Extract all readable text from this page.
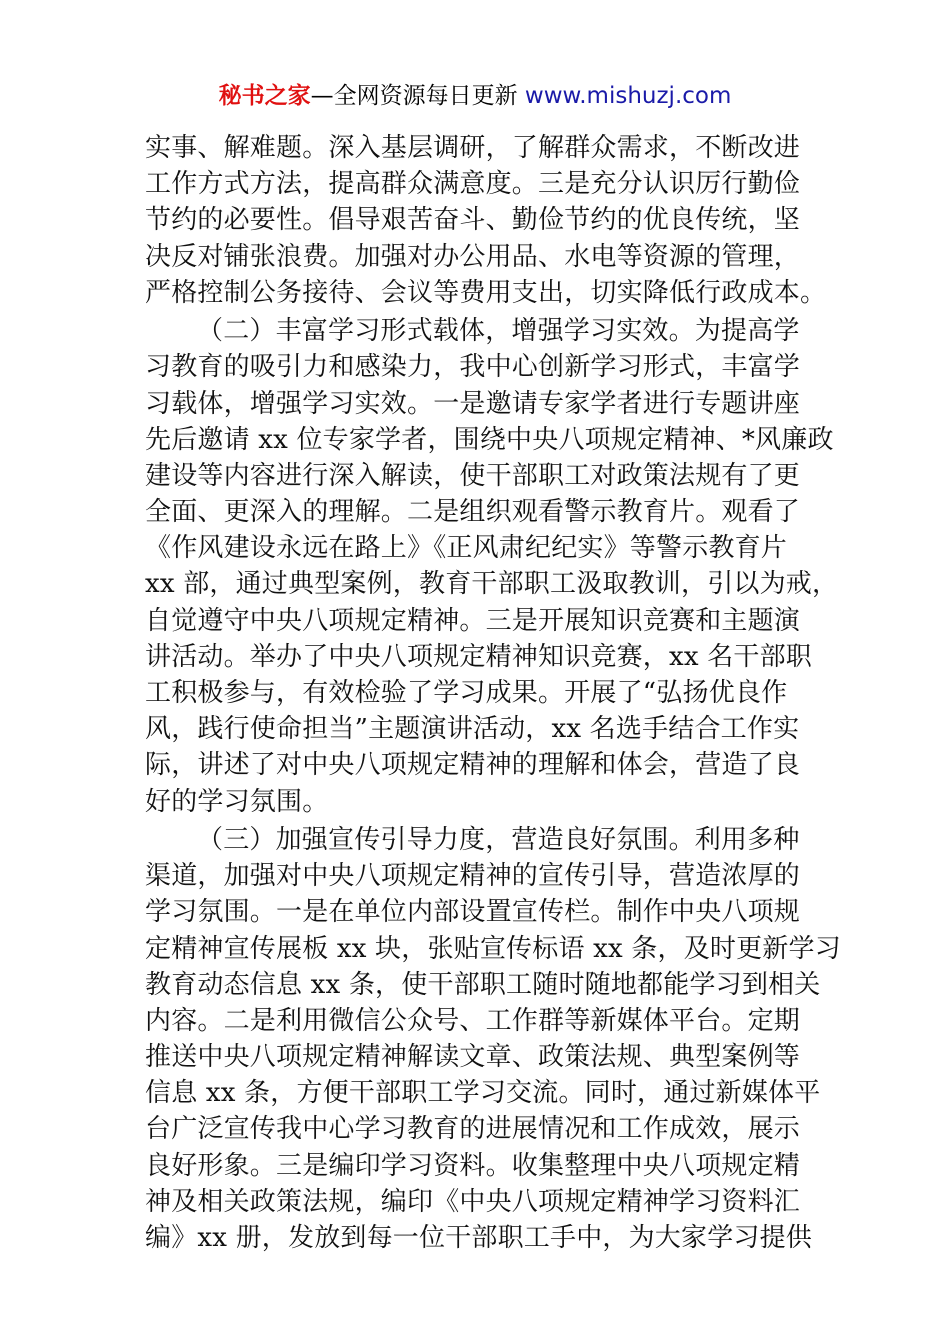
秘书之家—全网资源每日更新 www.mishuzj.com
实事、解难题。深入基层调研，了解群众需求，不断改进
工作方式方法，提高群众满意度。三是充分认识厉行勤俭
节约的必要性。倡导艰苦奋斗、勤俭节约的优良传统，坚
决反对铺张浪费。加强对办公用品、水电等资源的管理，
严格控制公务接待、会议等费用支出，切实降低行政成本。
（二）丰富学习形式载体，增强学习实效。为提高学
习教育的吸引力和感染力，我中心创新学习形式，丰富学
习载体，增强学习实效。一是邀请专家学者进行专题讲座
先后邀请 xx 位专家学者，围绕中央八项规定精神、*风廉政
建设等内容进行深入解读，使干部职工对政策法规有了更
全面、更深入的理解。二是组织观看警示教育片。观看了
《作风建设永远在路上》《正风肃纪纪实》等警示教育片
xx 部，通过典型案例，教育干部职工汲取教训，引以为戒，
自觉遵守中央八项规定精神。三是开展知识竞赛和主题演
讲活动。举办了中央八项规定精神知识竞赛，xx 名干部职
工积极参与，有效检验了学习成果。开展了“弘扬优良作
风，践行使命担当”主题演讲活动，xx 名选手结合工作实
际，讲述了对中央八项规定精神的理解和体会，营造了良
好的学习氛围。
（三）加强宣传引导力度，营造良好氛围。利用多种
渠道，加强对中央八项规定精神的宣传引导，营造浓厚的
学习氛围。一是在单位内部设置宣传栏。制作中央八项规
定精神宣传展板 xx 块，张贴宣传标语 xx 条，及时更新学习
教育动态信息 xx 条，使干部职工随时随地都能学习到相关
内容。二是利用微信公众号、工作群等新媒体平台。定期
推送中央八项规定精神解读文章、政策法规、典型案例等
信息 xx 条，方便干部职工学习交流。同时，通过新媒体平
台广泛宣传我中心学习教育的进展情况和工作成效，展示
良好形象。三是编印学习资料。收集整理中央八项规定精
神及相关政策法规，编印《中央八项规定精神学习资料汇
编》xx 册，发放到每一位干部职工手中，为大家学习提供
